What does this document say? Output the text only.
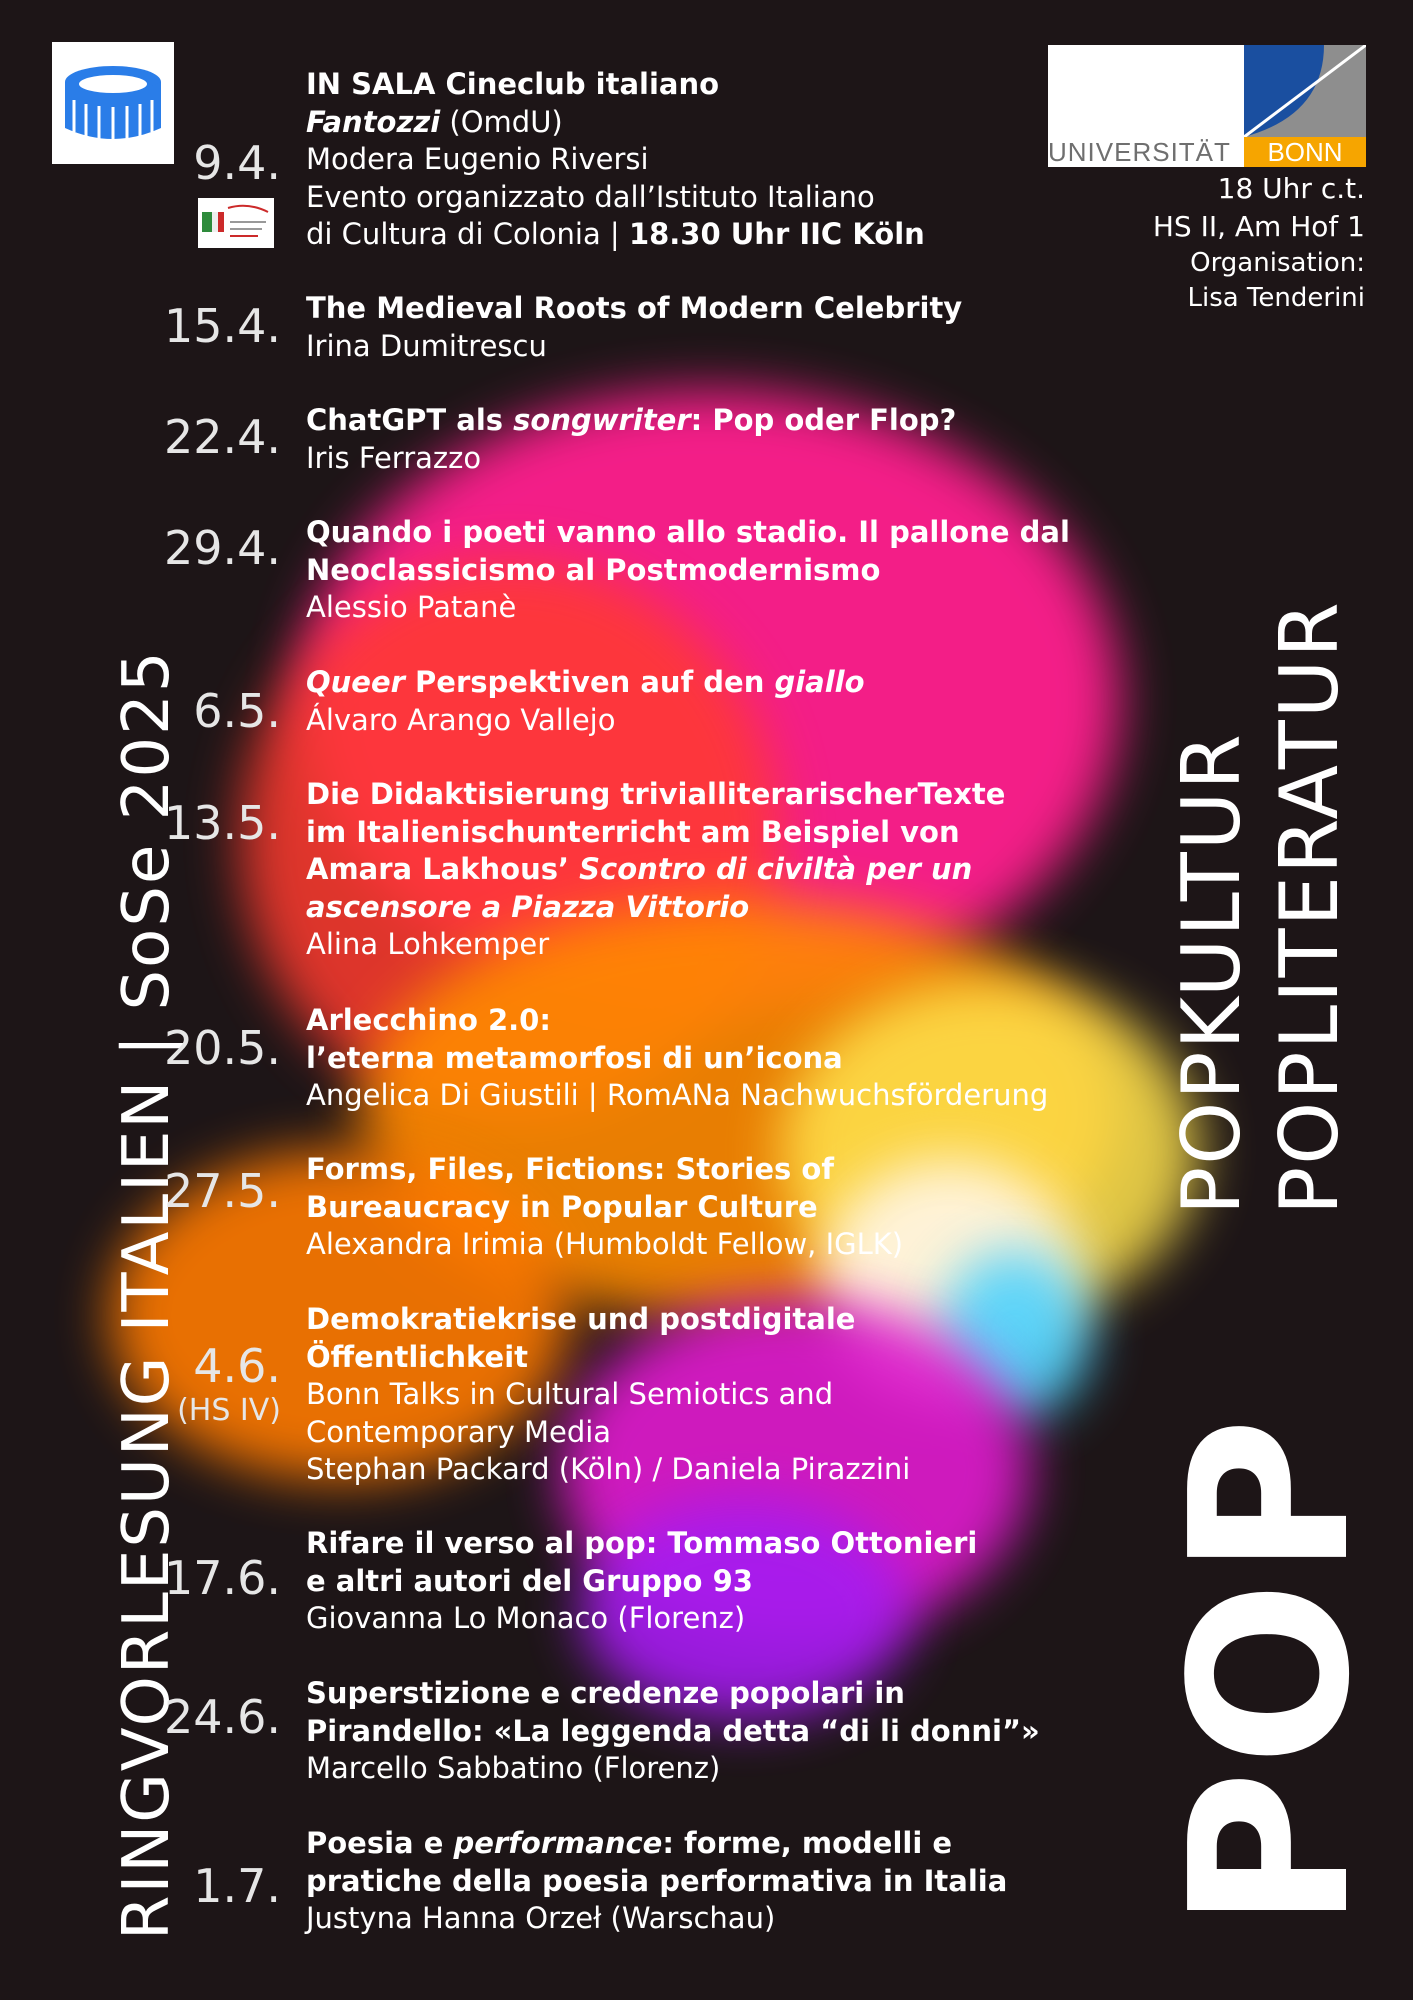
UNIVERSITÄT	BONN
18 Uhr c.t.
HS II, Am Hof 1
Organisation:
Lisa Tenderini
RINGVORLESUNG ITALIEN | SoSe 2025	POP
POPKULTUR POPLITERATUR
9.4.
IN SALA Cineclub italiano
Fantozzi (OmdU)
Modera Eugenio Riversi
Evento organizzato dall’Istituto Italiano
di Cultura di Colonia | 18.30 Uhr IIC Köln
15.4. The Medieval Roots of Modern Celebrity
Irina Dumitrescu
22.4. ChatGPT als songwriter: Pop oder Flop?
Iris Ferrazzo
29.4. Quando i poeti vanno allo stadio. Il pallone dal
Neoclassicismo al Postmodernismo
Alessio Patanè
6.5.
Queer Perspektiven auf den giallo
Álvaro Arango Vallejo
13.5.
Die Didaktisierung trivialliterarischerTexte
im Italienischunterricht am Beispiel von
Amara Lakhous’ Scontro di civiltà per un
ascensore a Piazza Vittorio
Alina Lohkemper
20.5.
Arlecchino 2.0:
l’eterna metamorfosi di un’icona
Angelica Di Giustili | RomANa Nachwuchsförderung
27.5. Forms, Files, Fictions: Stories of
Bureaucracy in Popular Culture
Alexandra Irimia (Humboldt Fellow, IGLK)
4.6.
(HS IV)
Demokratiekrise und postdigitale
Öffentlichkeit
Bonn Talks in Cultural Semiotics and
Contemporary Media
Stephan Packard (Köln) / Daniela Pirazzini
17.6.
Rifare il verso al pop: Tommaso Ottonieri
e altri autori del Gruppo 93
Giovanna Lo Monaco (Florenz)
24.6. Superstizione e credenze popolari in
Pirandello: «La leggenda detta “di li donni”»
Marcello Sabbatino (Florenz)
1.7.
Poesia e performance: forme, modelli e
pratiche della poesia performativa in Italia
Justyna Hanna Orzeł (Warschau)
